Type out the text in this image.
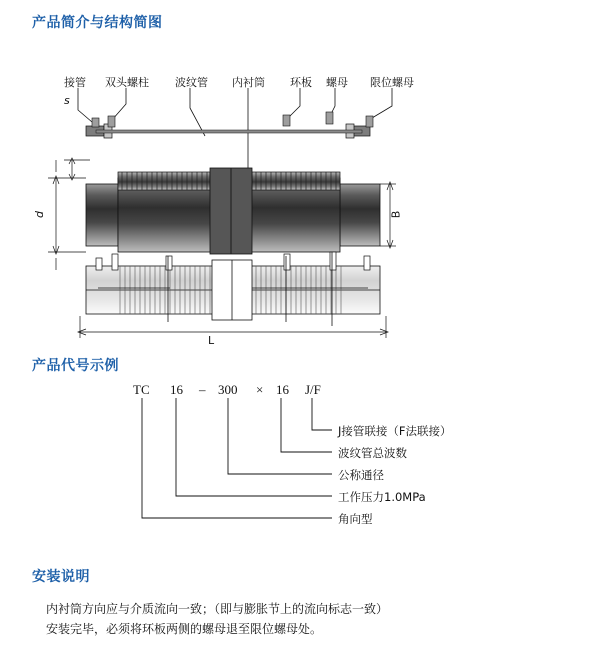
产品简介与结构简图
产品代号示例
安装说明
接管 双头螺柱 波纹管 内衬筒 环板 螺母 限位螺母
s
d	B
L
TC 16 – 300 × 16 J/F
J接管联接（F法联接）
波纹管总波数
公称通径
工作压力1.0MPa
角向型
内衬筒方向应与介质流向一致；（即与膨胀节上的流向标志一致）
安装完毕，必须将环板两侧的螺母退至限位螺母处。
